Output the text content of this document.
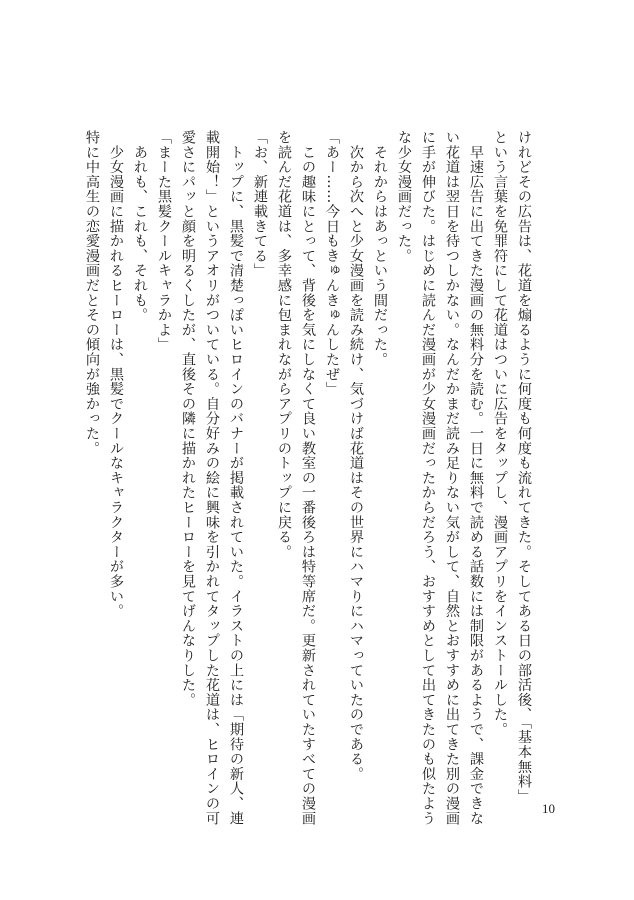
けれどその広告は、花道を煽るように何度も何度も流れてきた。そしてある日の部活後、「基本無料」
という言葉を免罪符にして花道はついに広告をタップし、漫画アプリをインストールした。
　早速広告に出てきた漫画の無料分を読む。一日に無料で読める話数には制限があるようで、課金できな
い花道は翌日を待つしかない。なんだかまだ読み足りない気がして、自然とおすすめに出てきた別の漫画
に手が伸びた。はじめに読んだ漫画が少女漫画だったからだろう、おすすめとして出てきたのも似たよう
な少女漫画だった。
　それからはあっという間だった。
　次から次へと少女漫画を読み続け、気づけば花道はその世界にハマりにハマっていたのである。
「あー……今日もきゅんきゅんしたぜ」
　この趣味にとって、背後を気にしなくて良い教室の一番後ろは特等席だ。更新されていたすべての漫画
を読んだ花道は、多幸感に包まれながらアプリのトップに戻る。
「お、新連載きてる」
　トップに、黒髪で清楚っぽいヒロインのバナーが掲載されていた。イラストの上には「期待の新人、連
載開始！」というアオリがついている。自分好みの絵に興味を引かれてタップした花道は、ヒロインの可
愛さにパッと顔を明るくしたが、直後その隣に描かれたヒーローを見てげんなりした。
「まーた黒髪クールキャラかよ」
　あれも、これも、それも。
　少女漫画に描かれるヒーローは、黒髪でクールなキャラクターが多い。
特に中高生の恋愛漫画だとその傾向が強かった。
10
